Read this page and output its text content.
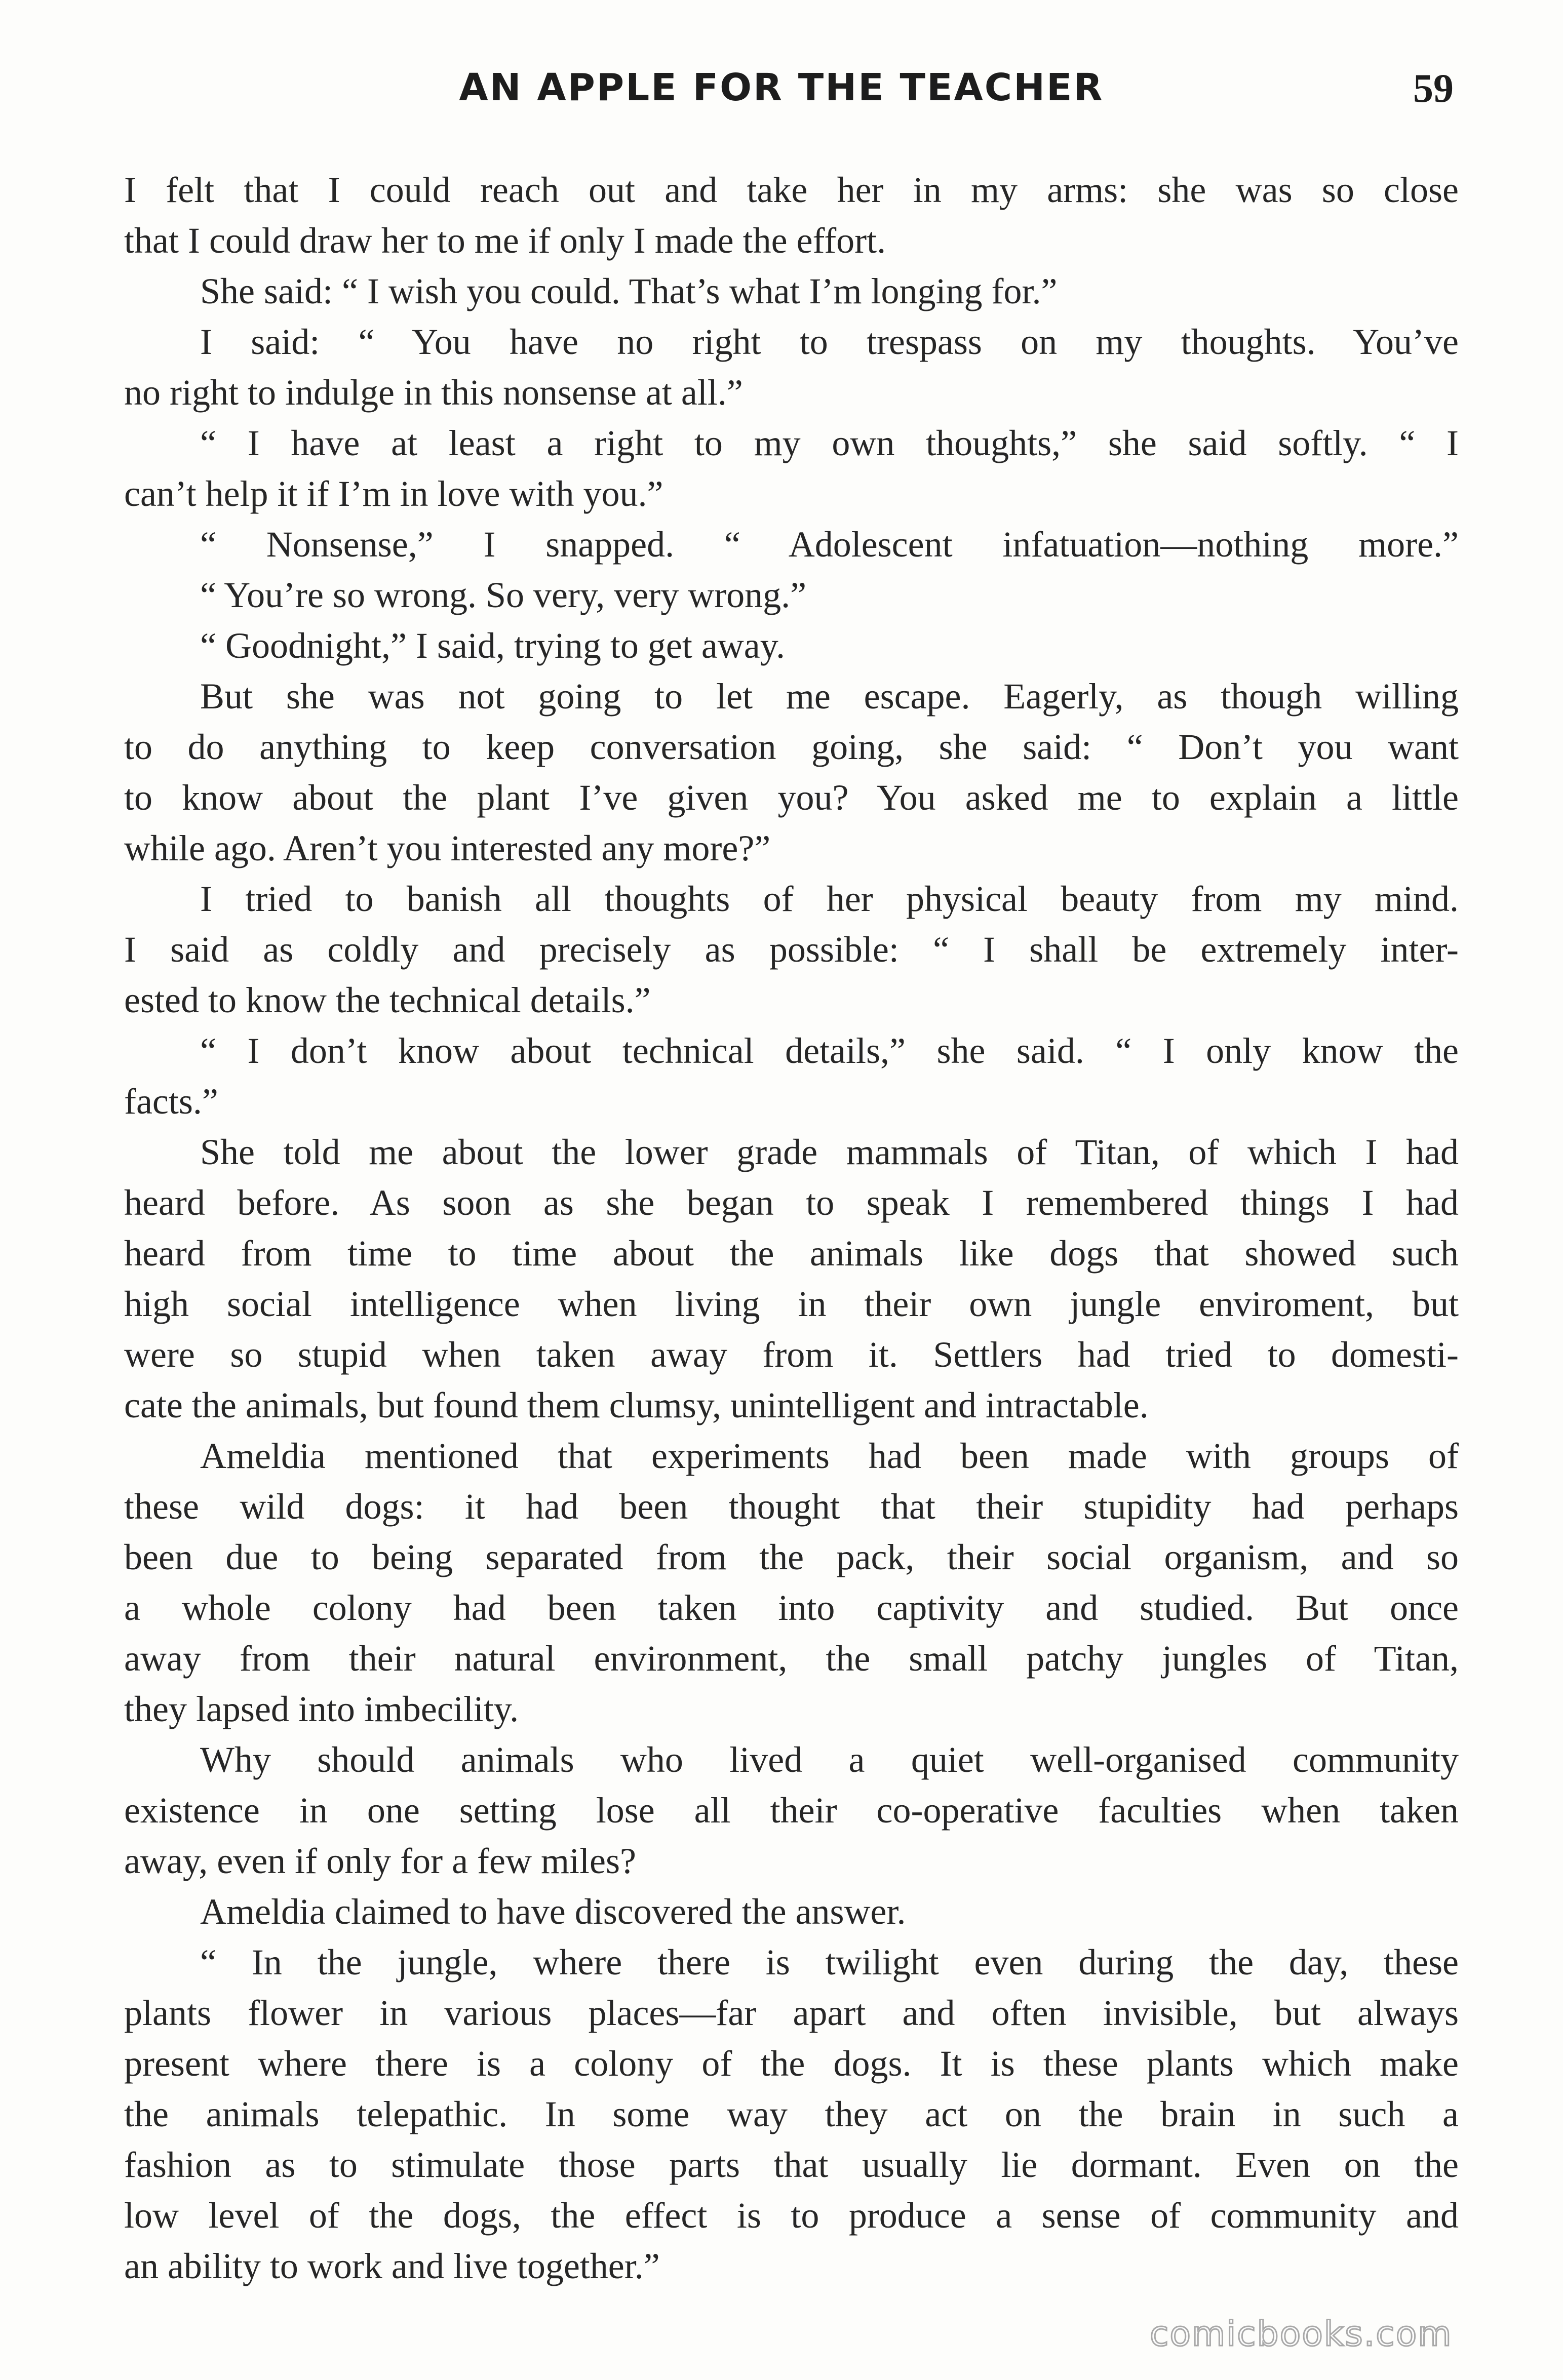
AN APPLE FOR THE TEACHER	59
I felt that I could reach out and take her in my arms: she was so close
that I could draw her to me if only I made the effort.
She said: “ I wish you could. That’s what I’m longing for.”
I said: “ You have no right to trespass on my thoughts. You’ve
no right to indulge in this nonsense at all.”
“ I have at least a right to my own thoughts,” she said softly. “ I
can’t help it if I’m in love with you.”
“ Nonsense,” I snapped. “ Adolescent infatuation—nothing more.”
“ You’re so wrong. So very, very wrong.”
“ Goodnight,” I said, trying to get away.
But she was not going to let me escape. Eagerly, as though willing
to do anything to keep conversation going, she said: “ Don’t you want
to know about the plant I’ve given you? You asked me to explain a little
while ago. Aren’t you interested any more?”
I tried to banish all thoughts of her physical beauty from my mind.
I said as coldly and precisely as possible: “ I shall be extremely inter-
ested to know the technical details.”
“ I don’t know about technical details,” she said. “ I only know the
facts.”
She told me about the lower grade mammals of Titan, of which I had
heard before. As soon as she began to speak I remembered things I had
heard from time to time about the animals like dogs that showed such
high social intelligence when living in their own jungle enviroment, but
were so stupid when taken away from it. Settlers had tried to domesti-
cate the animals, but found them clumsy, unintelligent and intractable.
Ameldia mentioned that experiments had been made with groups of
these wild dogs: it had been thought that their stupidity had perhaps
been due to being separated from the pack, their social organism, and so
a whole colony had been taken into captivity and studied. But once
away from their natural environment, the small patchy jungles of Titan,
they lapsed into imbecility.
Why should animals who lived a quiet well-organised community
existence in one setting lose all their co-operative faculties when taken
away, even if only for a few miles?
Ameldia claimed to have discovered the answer.
“ In the jungle, where there is twilight even during the day, these
plants flower in various places—far apart and often invisible, but always
present where there is a colony of the dogs. It is these plants which make
the animals telepathic. In some way they act on the brain in such a
fashion as to stimulate those parts that usually lie dormant. Even on the
low level of the dogs, the effect is to produce a sense of community and
an ability to work and live together.”
comicbooks.com
